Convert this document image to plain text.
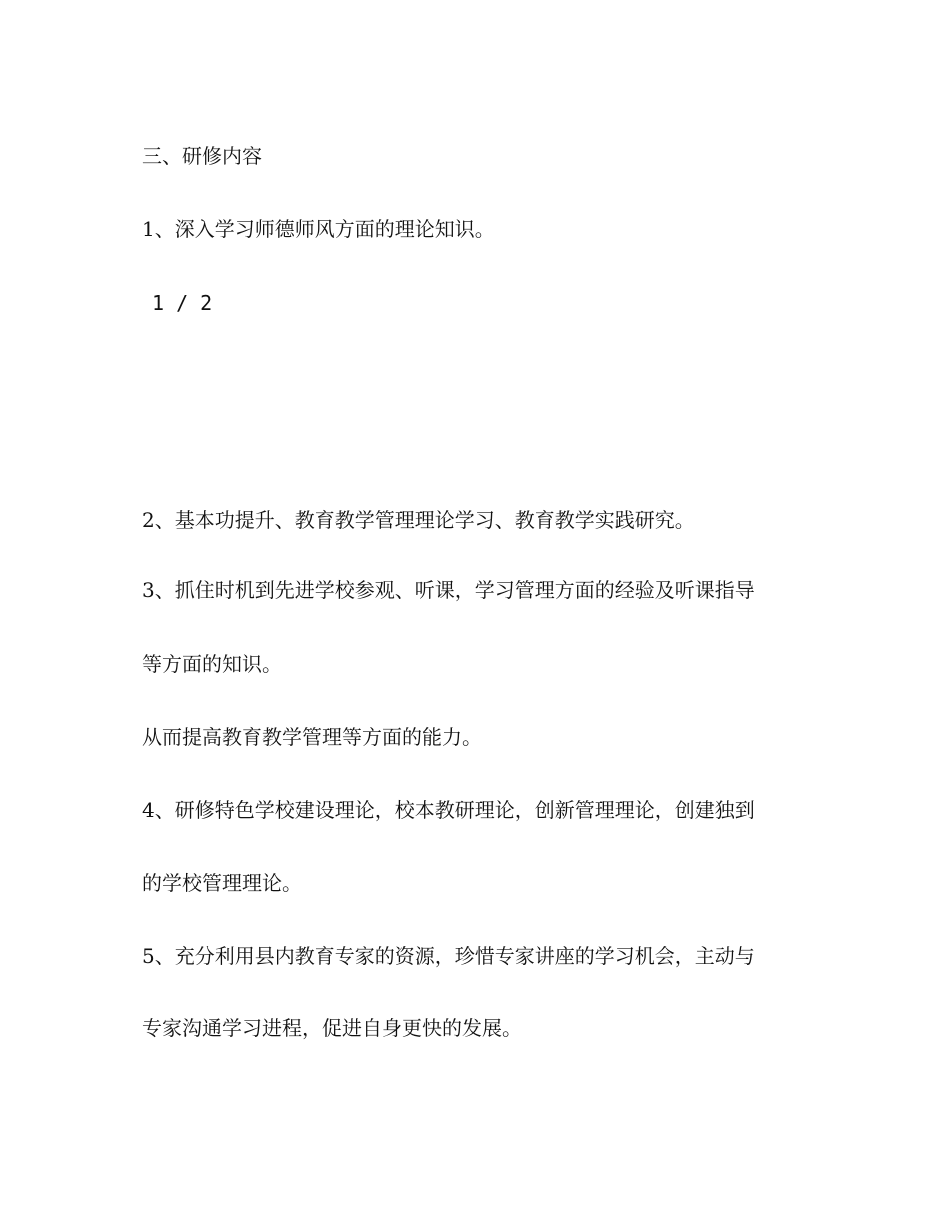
三、研修内容

1、深入学习师德师风方面的理论知识。

1 / 2

2、基本功提升、教育教学管理理论学习、教育教学实践研究。

3、抓住时机到先进学校参观、听课，学习管理方面的经验及听课指导

等方面的知识。

从而提高教育教学管理等方面的能力。

4、研修特色学校建设理论，校本教研理论，创新管理理论，创建独到

的学校管理理论。

5、充分利用县内教育专家的资源，珍惜专家讲座的学习机会，主动与

专家沟通学习进程，促进自身更快的发展。
